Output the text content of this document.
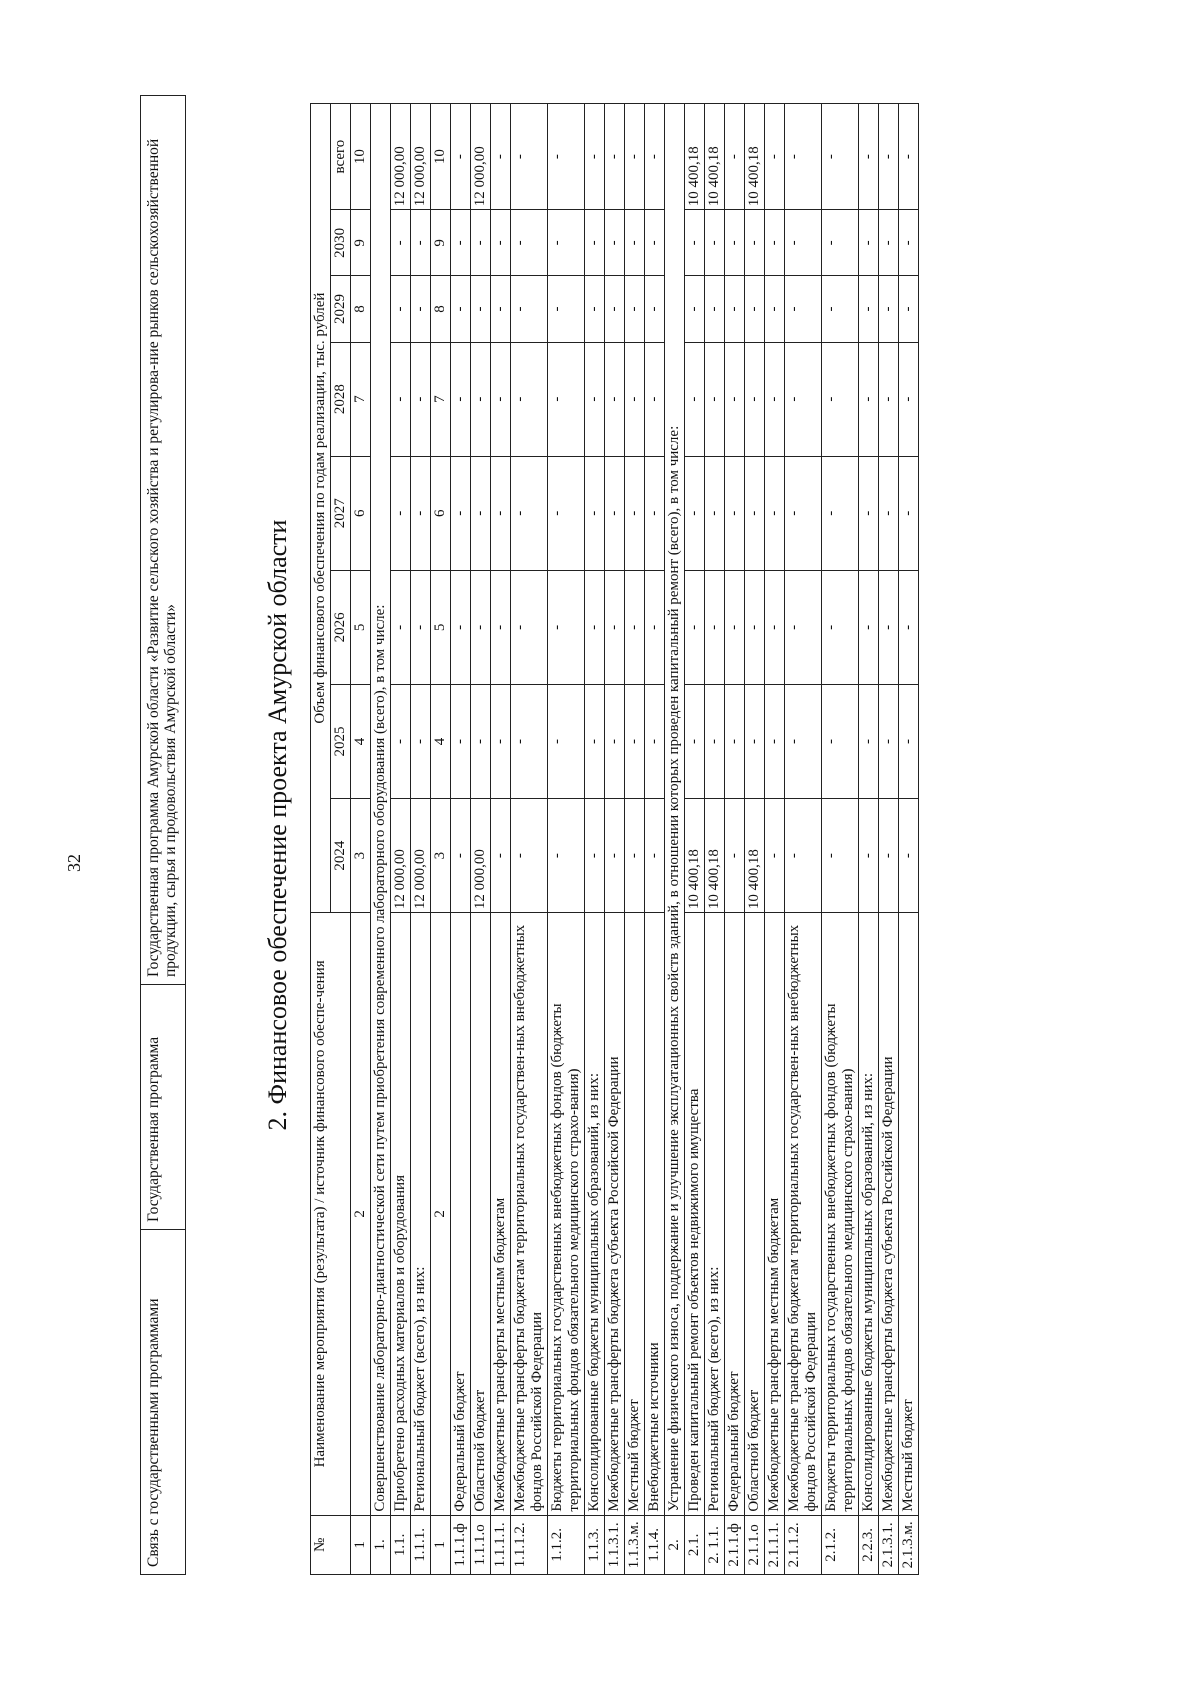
32
Связь с государственными программами	Государственная программа	Государственная программа Амурской области «Развитие сельского хозяйства и регулирова-ние рынков сельскохозяйственной продукции, сырья и продовольствия Амурской области»	2. Финансовое обеспечение проекта Амурской области
№	Наименование мероприятия (результата) / источник финансового обеспе-чения	Объем финансового обеспечения по годам реализации, тыс. рублей							
		2024	2025	2026	2027	2028	2029	2030	всего
1	2	3	4	5	6	7	8	9	10
1.	Совершенствование лабораторно-диагностической сети путем приобретения современного лабораторного оборудования (всего), в том числе:								
1.1.	Приобретено расходных материалов и оборудования	12 000,00	-	-	-	-	-	-	12 000,00
1.1.1.	Региональный бюджет (всего), из них:	12 000,00	-	-	-	-	-	-	12 000,00
1	2	3	4	5	6	7	8	9	10
1.1.1.ф	Федеральный бюджет	-	-	-	-	-	-	-	-
1.1.1.о	Областной бюджет	12 000,00	-	-	-	-	-	-	12 000,00
1.1.1.1.	Межбюджетные трансферты местным бюджетам	-	-	-	-	-	-	-	-
1.1.1.2.	Межбюджетные трансферты бюджетам территориальных государствен-ных внебюджетных фондов Российской Федерации	-	-	-	-	-	-	-	-
1.1.2.	Бюджеты территориальных государственных внебюджетных фондов (бюджеты территориальных фондов обязательного медицинского страхо-вания)	-	-	-	-	-	-	-	-
1.1.3.	Консолидированные бюджеты муниципальных образований, из них:	-	-	-	-	-	-	-	-
1.1.3.1.	Межбюджетные трансферты бюджета субъекта Российской Федерации	-	-	-	-	-	-	-	-
1.1.3.м.	Местный бюджет	-	-	-	-	-	-	-	-
1.1.4.	Внебюджетные источники	-	-	-	-	-	-	-	-
2.	Устранение физического износа, поддержание и улучшение эксплуатационных свойств зданий, в отношении которых проведен капитальный ремонт (всего), в том числе:								
2.1.	Проведен капитальный ремонт объектов недвижимого имущества	10 400,18	-	-	-	-	-	-	10 400,18
2. 1.1.	Региональный бюджет (всего), из них:	10 400,18	-	-	-	-	-	-	10 400,18
2.1.1.ф	Федеральный бюджет	-	-	-	-	-	-	-	-
2.1.1.о	Областной бюджет	10 400,18	-	-	-	-	-	-	10 400,18
2.1.1.1.	Межбюджетные трансферты местным бюджетам	-	-	-	-	-	-	-	-
2.1.1.2.	Межбюджетные трансферты бюджетам территориальных государствен-ных внебюджетных фондов Российской Федерации	-	-	-	-	-	-	-	-
2.1.2.	Бюджеты территориальных государственных внебюджетных фондов (бюджеты территориальных фондов обязательного медицинского страхо-вания)	-	-	-	-	-	-	-	-
2.2.3.	Консолидированные бюджеты муниципальных образований, из них:	-	-	-	-	-	-	-	-
2.1.3.1.	Межбюджетные трансферты бюджета субъекта Российской Федерации	-	-	-	-	-	-	-	-
2.1.3.м.	Местный бюджет	-	-	-	-	-	-	-	-
